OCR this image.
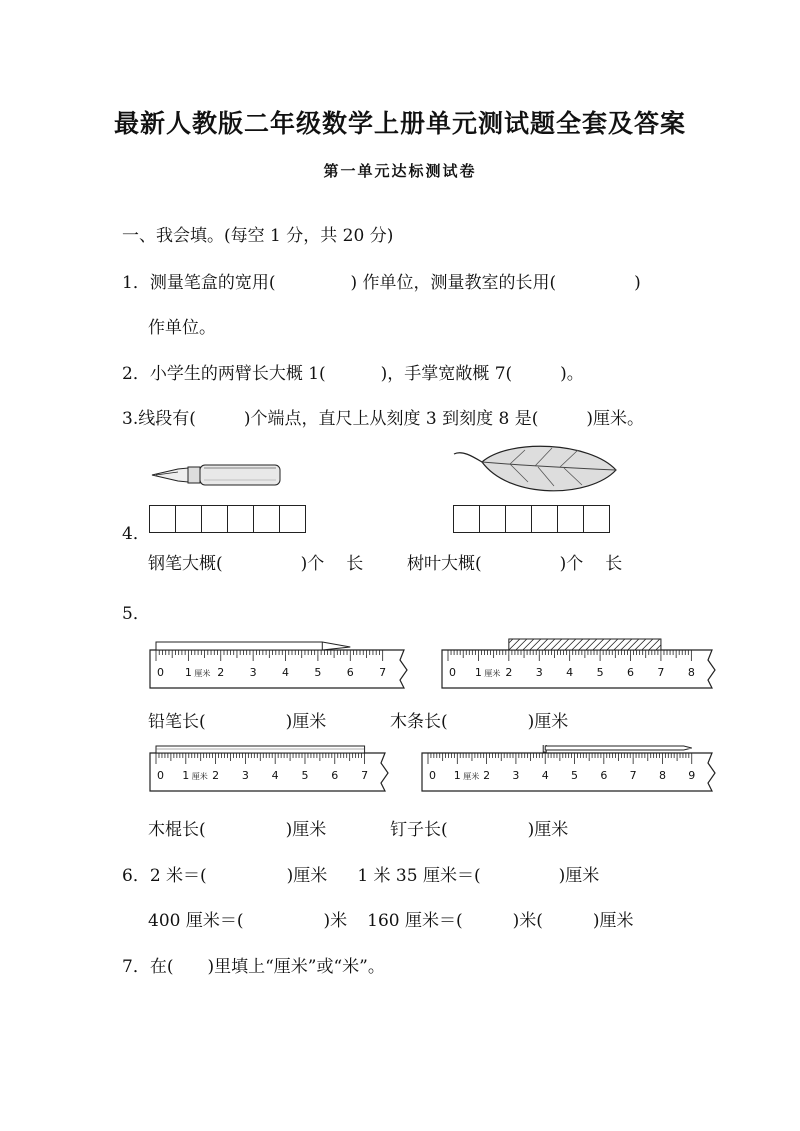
最新人教版二年级数学上册单元测试题全套及答案
第一单元达标测试卷
一、我会填。(每空 1 分，共 20 分)
1．测量笔盒的宽用(	) 作单位，测量教室的长用(	)
作单位。
2．小学生的两臂长大概 1(	)，手掌宽敞概 7(	)。
3.线段有(	)个端点，直尺上从刻度 3 到刻度 8 是(	)厘米。
4．
钢笔大概(	)个 长	树叶大概(	)个 长
5．
0 1 厘米 2 3 4 5 6 7	0 1 厘米 2 3 4 5 6 7 8
0 1 厘米 2 3 4 5 6 7	0 1 厘米 2 3 4 5 6 7 8 9
铅笔长(	)厘米	木条长(	)厘米
木棍长(	)厘米	钉子长(	)厘米
6．2 米＝(	)厘米 1 米 35 厘米＝(	)厘米
400 厘米＝(	)米 160 厘米＝(	)米(	)厘米
7．在(　　)里填上“厘米”或“米”。
